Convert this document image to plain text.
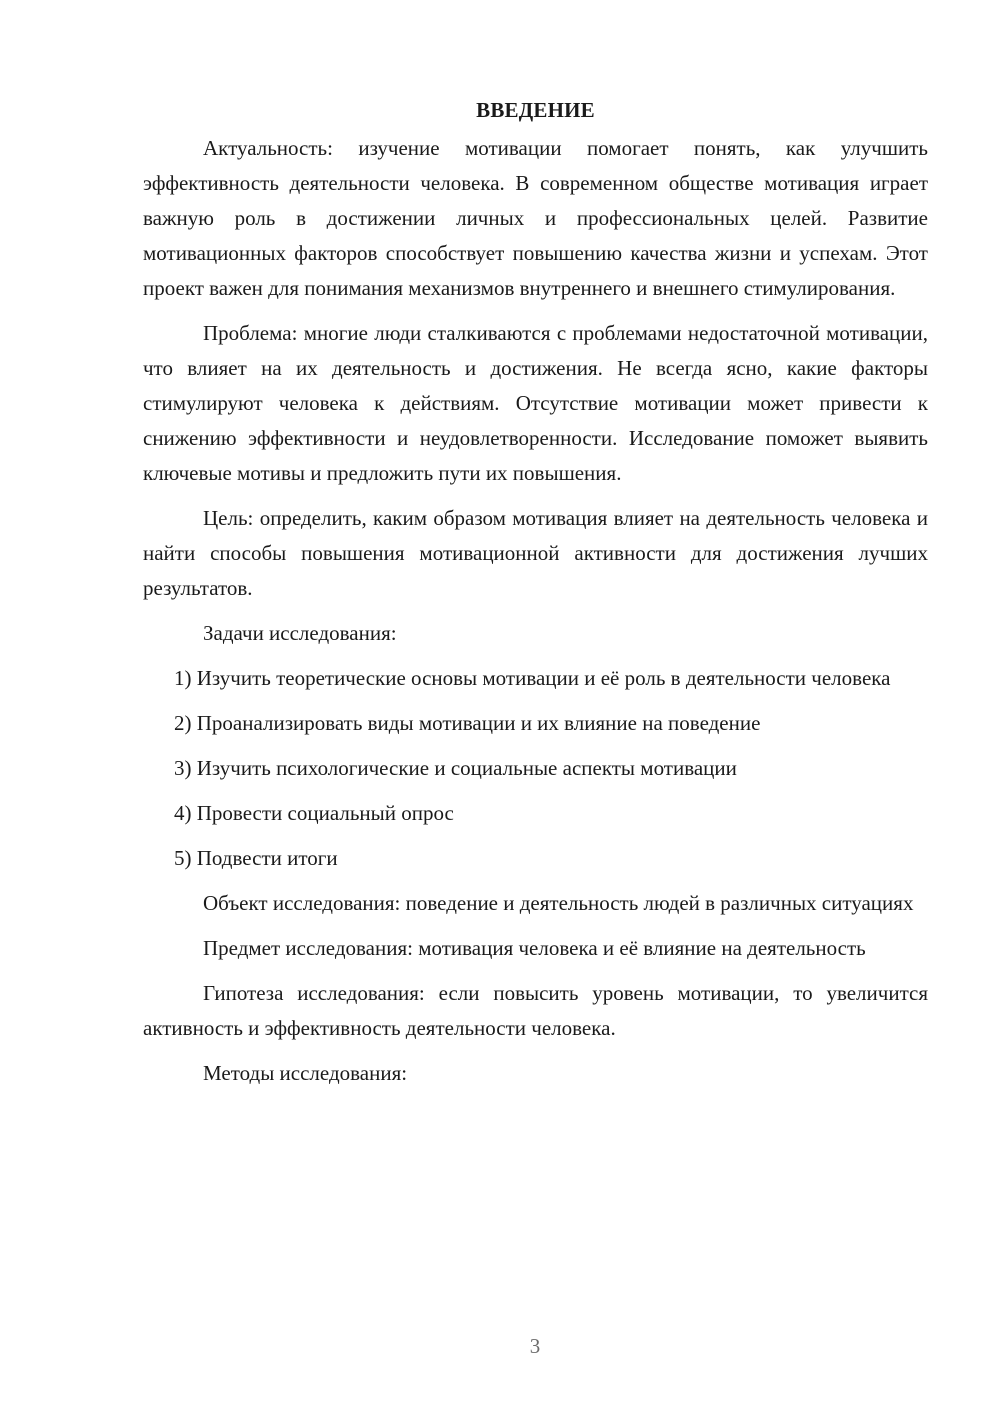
ВВЕДЕНИЕ

Актуальность: изучение мотивации помогает понять, как улучшить эффективность деятельности человека. В современном обществе мотивация играет важную роль в достижении личных и профессиональных целей. Развитие мотивационных факторов способствует повышению качества жизни и успехам. Этот проект важен для понимания механизмов внутреннего и внешнего стимулирования.

Проблема: многие люди сталкиваются с проблемами недостаточной мотивации, что влияет на их деятельность и достижения. Не всегда ясно, какие факторы стимулируют человека к действиям. Отсутствие мотивации может привести к снижению эффективности и неудовлетворенности. Исследование поможет выявить ключевые мотивы и предложить пути их повышения.

Цель: определить, каким образом мотивация влияет на деятельность человека и найти способы повышения мотивационной активности для достижения лучших результатов.

Задачи исследования:

1) Изучить теоретические основы мотивации и её роль в деятельности человека

2) Проанализировать виды мотивации и их влияние на поведение

3) Изучить психологические и социальные аспекты мотивации

4) Провести социальный опрос

5) Подвести итоги

Объект исследования: поведение и деятельность людей в различных ситуациях

Предмет исследования: мотивация человека и её влияние на деятельность

Гипотеза исследования: если повысить уровень мотивации, то увеличится активность и эффективность деятельности человека.

Методы исследования:

3
